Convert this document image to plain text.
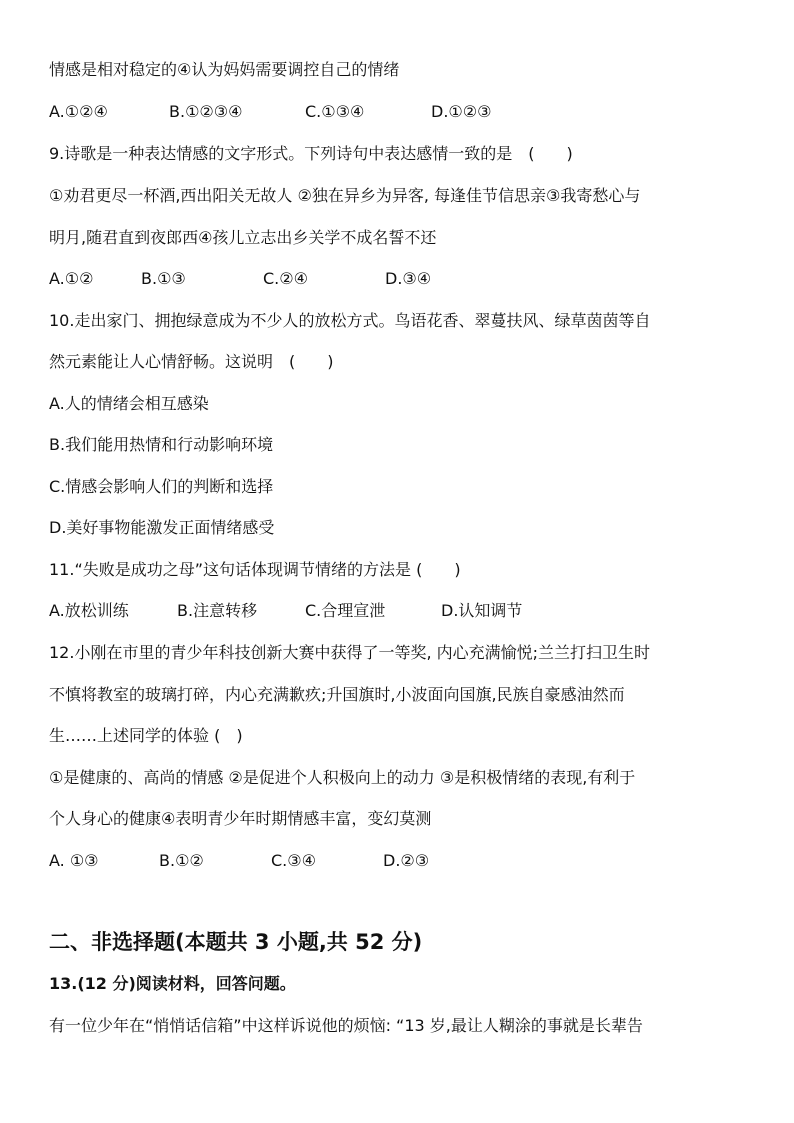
情感是相对稳定的④认为妈妈需要调控自己的情绪
A.①②④	B.①②③④	C.①③④	D.①②③
9.诗歌是一种表达情感的文字形式。下列诗句中表达感情一致的是　(　　)
①劝君更尽一杯酒,西出阳关无故人 ②独在异乡为异客, 每逢佳节信思亲③我寄愁心与
明月,随君直到夜郎西④孩儿立志出乡关学不成名誓不还
A.①②	B.①③	C.②④	D.③④
10.走出家门、拥抱绿意成为不少人的放松方式。鸟语花香、翠蔓扶风、绿草茵茵等自
然元素能让人心情舒畅。这说明　(　　)
A.人的情绪会相互感染
B.我们能用热情和行动影响环境
C.情感会影响人们的判断和选择
D.美好事物能激发正面情绪感受
11.“失败是成功之母”这句话体现调节情绪的方法是 (　　)
A.放松训练	B.注意转移	C.合理宣泄	D.认知调节
12.小刚在市里的青少年科技创新大赛中获得了一等奖, 内心充满愉悦;兰兰打扫卫生时
不慎将教室的玻璃打碎，内心充满歉疚;升国旗时,小波面向国旗,民族自豪感油然而
生……上述同学的体验 (　)
①是健康的、高尚的情感 ②是促进个人积极向上的动力 ③是积极情绪的表现,有利于
个人身心的健康④表明青少年时期情感丰富，变幻莫测
A. ①③	B.①②	C.③④	D.②③
二、非选择题(本题共 3 小题,共 52 分)
13.(12 分)阅读材料，回答问题。
有一位少年在“悄悄话信箱”中这样诉说他的烦恼: “13 岁,最让人糊涂的事就是长辈告
